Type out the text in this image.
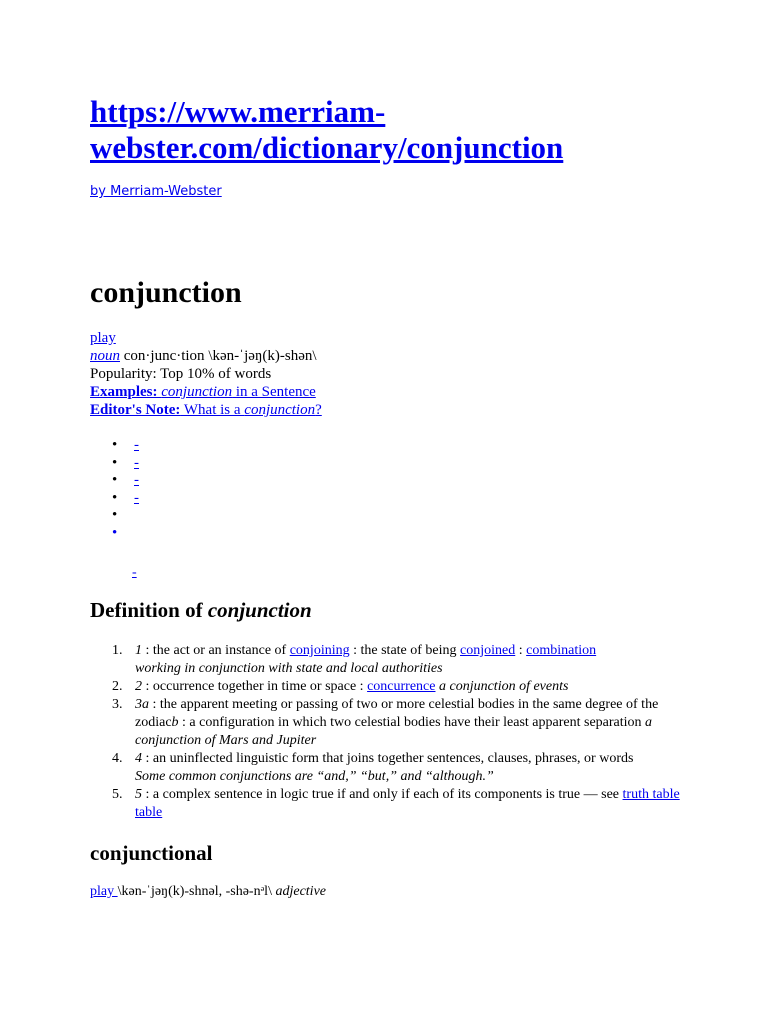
https://www.merriam-
webster.com/dictionary/conjunction
by Merriam-Webster
conjunction
play
noun con·junc·tion \kən-ˈjəŋ(k)-shən\
Popularity: Top 10% of words
Examples: conjunction in a Sentence
Editor's Note: What is a conjunction?
• -
• -
• -
• -
•
•
-
Definition of conjunction
1. 1 : the act or an instance of conjoining : the state of being conjoined : combination
working in conjunction with state and local authorities
2. 2 : occurrence together in time or space : concurrence a conjunction of events
3. 3a : the apparent meeting or passing of two or more celestial bodies in the same degree of the zodiacb : a configuration in which two celestial bodies have their least apparent separation a conjunction of Mars and Jupiter
4. 4 : an uninflected linguistic form that joins together sentences, clauses, phrases, or words
Some common conjunctions are “and,” “but,” and “although.”
5. 5 : a complex sentence in logic true if and only if each of its components is true — see truth table table
conjunctional
play \kən-ˈjəŋ(k)-shnəl, -shə-nᵊl\ adjective
